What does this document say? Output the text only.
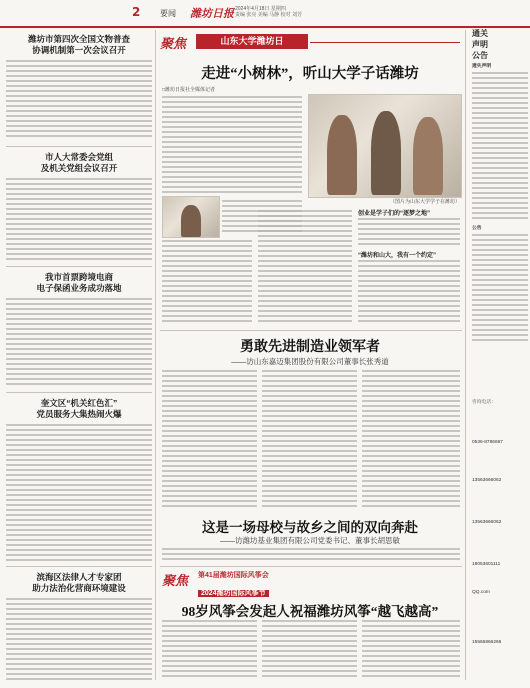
2 要闻 潍坊日报 2024年4月18日 星期四
责编 张亮 美编 马静 校对 刘芳
潍坊市第四次全国文物普查
协调机制第一次会议召开
市人大常委会党组
及机关党组会议召开
我市首票跨境电商
电子保函业务成功落地
奎文区“机关红色汇”
党员服务大集热闹火爆
滨海区法律人才专家团
助力法治化营商环境建设
聚焦	山东大学潍坊日
走进“小树林”，听山大学子话潍坊
□潍坊日报社全媒体记者
（图片为山东大学学子在潍坊）
创业是学子们的“逐梦之地”
“潍坊和山大，我有一个约定”
勇敢先进制造业领军者
——访山东嘉迈集团股份有限公司董事长张秀道
这是一场母校与故乡之间的双向奔赴
——访潍坊基业集团有限公司党委书记、董事长胡思敏
聚焦 第41届潍坊国际风筝会
2024潍坊国际风筝节
98岁风筝会发起人祝福潍坊风筝“越飞越高”
通关
声明
公告
遗失声明
公告
咨询电话：
0536-8786667
13563666062
13563666062
18053601111
QQ.com
15566866266
